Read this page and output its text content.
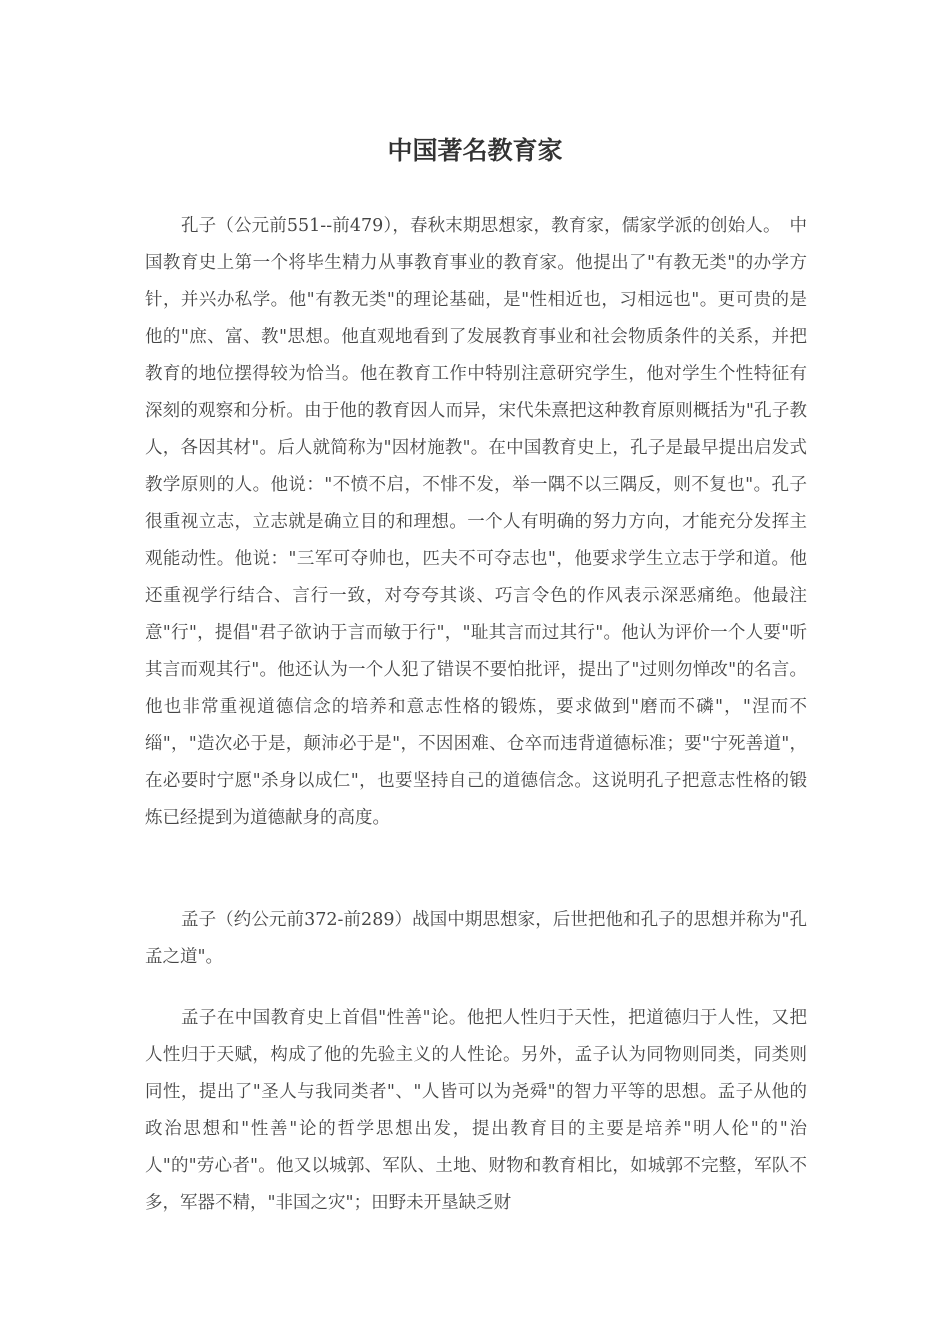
中国著名教育家

孔子（公元前551--前479），春秋末期思想家，教育家，儒家学派的创始人。　中国教育史上第一个将毕生精力从事教育事业的教育家。他提出了"有教无类"的办学方针，并兴办私学。他"有教无类"的理论基础，是"性相近也，习相远也"。更可贵的是他的"庶、富、教"思想。他直观地看到了发展教育事业和社会物质条件的关系，并把教育的地位摆得较为恰当。他在教育工作中特别注意研究学生，他对学生个性特征有深刻的观察和分析。由于他的教育因人而异，宋代朱熹把这种教育原则概括为"孔子教人，各因其材"。后人就简称为"因材施教"。在中国教育史上，孔子是最早提出启发式教学原则的人。他说："不愤不启，不悱不发，举一隅不以三隅反，则不复也"。孔子很重视立志，立志就是确立目的和理想。一个人有明确的努力方向，才能充分发挥主观能动性。他说："三军可夺帅也，匹夫不可夺志也"，他要求学生立志于学和道。他还重视学行结合、言行一致，对夸夸其谈、巧言令色的作风表示深恶痛绝。他最注意"行"，提倡"君子欲讷于言而敏于行"，"耻其言而过其行"。他认为评价一个人要"听其言而观其行"。他还认为一个人犯了错误不要怕批评，提出了"过则勿惮改"的名言。他也非常重视道德信念的培养和意志性格的锻炼，要求做到"磨而不磷"，"涅而不缁"，"造次必于是，颠沛必于是"，不因困难、仓卒而违背道德标准；要"宁死善道"，在必要时宁愿"杀身以成仁"，也要坚持自己的道德信念。这说明孔子把意志性格的锻炼已经提到为道德献身的高度。

孟子（约公元前372-前289）战国中期思想家，后世把他和孔子的思想并称为"孔孟之道"。

孟子在中国教育史上首倡"性善"论。他把人性归于天性，把道德归于人性，又把人性归于天赋，构成了他的先验主义的人性论。另外，孟子认为同物则同类，同类则同性，提出了"圣人与我同类者"、"人皆可以为尧舜"的智力平等的思想。孟子从他的政治思想和"性善"论的哲学思想出发，提出教育目的主要是培养"明人伦"的"治人"的"劳心者"。他又以城郭、军队、土地、财物和教育相比，如城郭不完整，军队不多，军器不精，"非国之灾"；田野未开垦缺乏财
